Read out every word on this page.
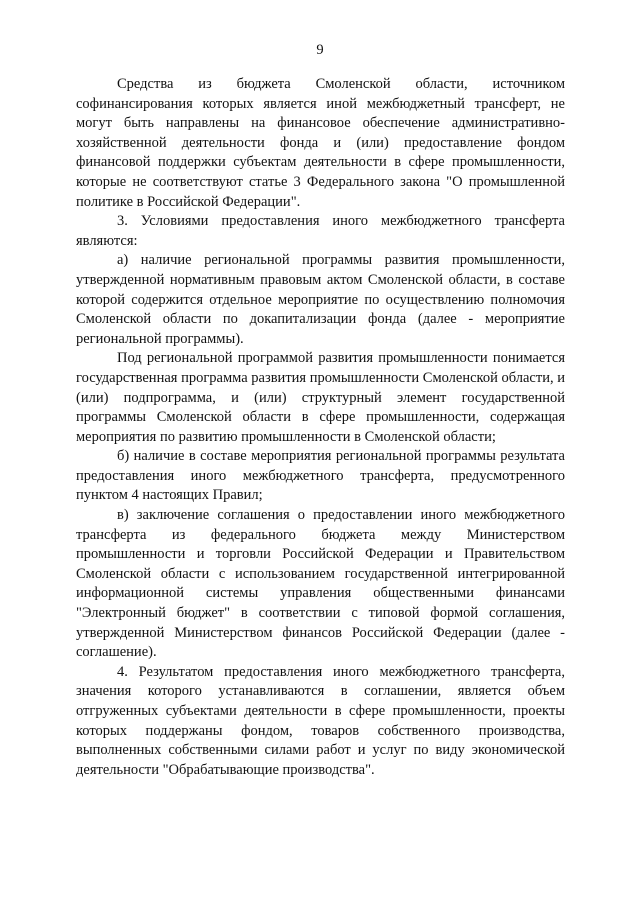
9

Средства из бюджета Смоленской области, источником софинансирования которых является иной межбюджетный трансферт, не могут быть направлены на финансовое обеспечение административно-хозяйственной деятельности фонда и (или) предоставление фондом финансовой поддержки субъектам деятельности в сфере промышленности, которые не соответствуют статье 3 Федерального закона "О промышленной политике в Российской Федерации".

3. Условиями предоставления иного межбюджетного трансферта являются:

а) наличие региональной программы развития промышленности, утвержденной нормативным правовым актом Смоленской области, в составе которой содержится отдельное мероприятие по осуществлению полномочия Смоленской области по докапитализации фонда (далее - мероприятие региональной программы).

Под региональной программой развития промышленности понимается государственная программа развития промышленности Смоленской области, и (или) подпрограмма, и (или) структурный элемент государственной программы Смоленской области в сфере промышленности, содержащая мероприятия по развитию промышленности в Смоленской области;

б) наличие в составе мероприятия региональной программы результата предоставления иного межбюджетного трансферта, предусмотренного пунктом 4 настоящих Правил;

в) заключение соглашения о предоставлении иного межбюджетного трансферта из федерального бюджета между Министерством промышленности и торговли Российской Федерации и Правительством Смоленской области с использованием государственной интегрированной информационной системы управления общественными финансами "Электронный бюджет" в соответствии с типовой формой соглашения, утвержденной Министерством финансов Российской Федерации (далее - соглашение).

4. Результатом предоставления иного межбюджетного трансферта, значения которого устанавливаются в соглашении, является объем отгруженных субъектами деятельности в сфере промышленности, проекты которых поддержаны фондом, товаров собственного производства, выполненных собственными силами работ и услуг по виду экономической деятельности "Обрабатывающие производства".
